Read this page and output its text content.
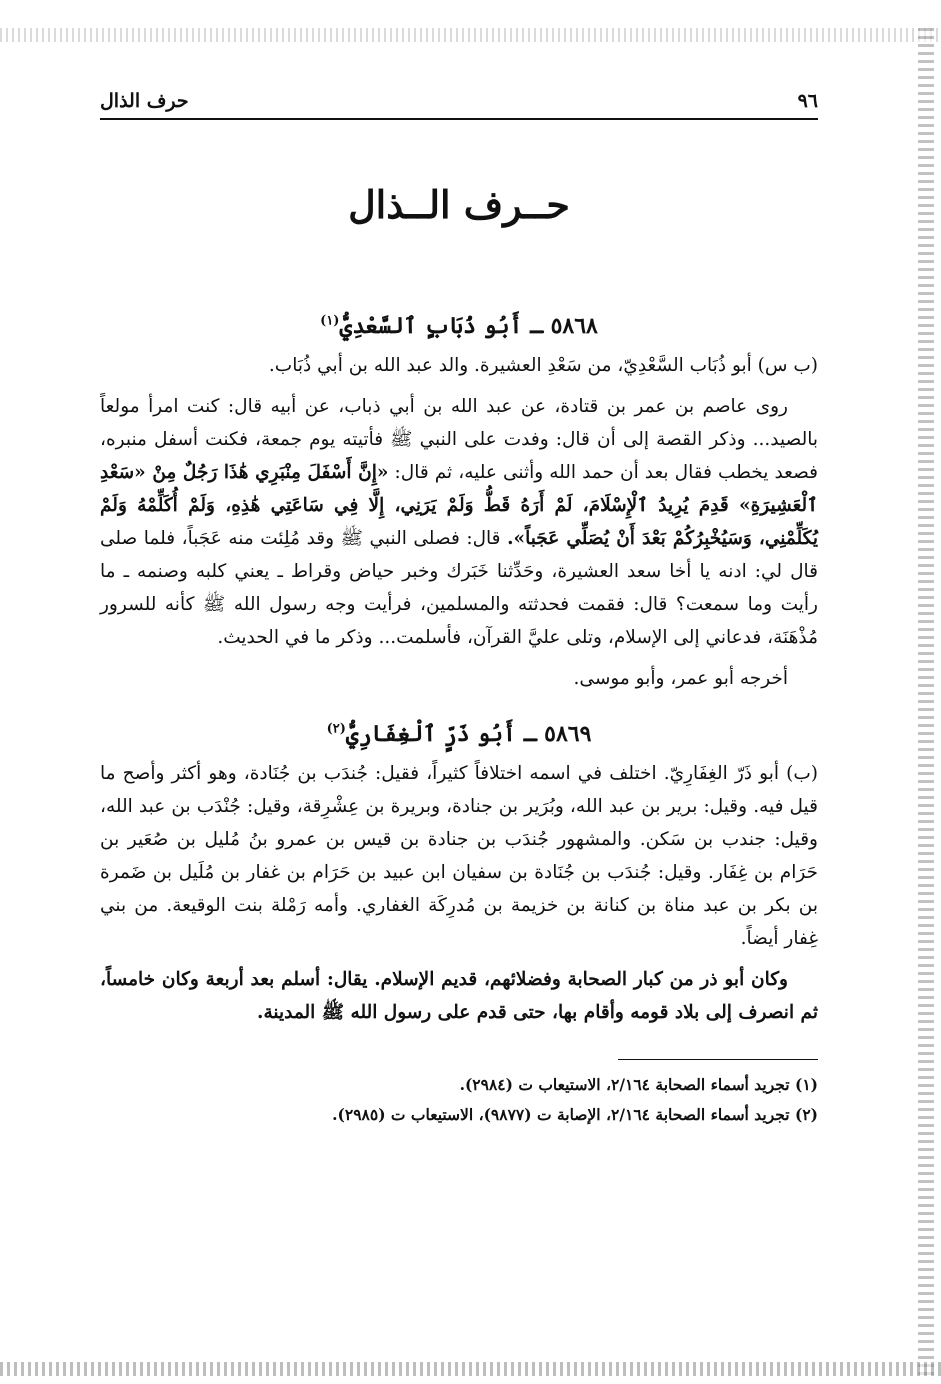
٩٦
حرف الذال
حــرف الــذال
٥٨٦٨ ـ أَبُو ذُبَابٍ ٱلسَّعْدِيُّ$^{(١)}$

(ب س) أبو ذُبَاب السَّعْدِيّ، من سَعْدِ العشيرة. والد عبد الله بن أبي ذُبَاب.

روى عاصم بن عمر بن قتادة، عن عبد الله بن أبي ذباب، عن أبيه قال: كنت امرأ مولعاً بالصيد... وذكر القصة إلى أن قال: وفدت على النبي ﷺ فأتيته يوم جمعة، فكنت أسفل منبره، فصعد يخطب فقال بعد أن حمد الله وأثنى عليه، ثم قال: «إِنَّ أَسْفَلَ مِنْبَرِي هَٰذَا رَجُلٌ مِنْ «سَعْدِ ٱلْعَشِيرَةِ» قَدِمَ يُرِيدُ ٱلْإِسْلَامَ، لَمْ أَرَهُ قَطُّ وَلَمْ يَرَنِي، إِلَّا فِي سَاعَتِي هَٰذِهِ، وَلَمْ أُكَلِّمْهُ وَلَمْ يُكَلِّمْنِي، وَسَيُخْبِرُكُمْ بَعْدَ أَنْ يُصَلِّي عَجَباً». قال: فصلى النبي ﷺ وقد مُلِئت منه عَجَباً، فلما صلى قال لي: ادنه يا أخا سعد العشيرة، وحَدِّثنا خَبَرك وخبر حياض وقراط ـ يعني كلبه وصنمه ـ ما رأيت وما سمعت؟ قال: فقمت فحدثته والمسلمين، فرأيت وجه رسول الله ﷺ كأنه للسرور مُذْهَنَة، فدعاني إلى الإسلام، وتلى عليَّ القرآن، فأسلمت... وذكر ما في الحديث.

أخرجه أبو عمر، وأبو موسى.

٥٨٦٩ ـ أَبُو ذَرٍّ ٱلْغِفَارِيُّ$^{(٢)}$

(ب) أبو ذَرّ الغِفَارِيّ. اختلف في اسمه اختلافاً كثيراً، فقيل: جُندَب بن جُنَادة، وهو أكثر وأصح ما قيل فيه. وقيل: برير بن عبد الله، وبُرَير بن جنادة، وبريرة بن عِشْرِقة، وقيل: جُنْدَب بن عبد الله، وقيل: جندب بن سَكن. والمشهور جُندَب بن جنادة بن قيس بن عمرو بنُ مُليل بن صُعَير بن حَرَام بن غِفَار. وقيل: جُندَب بن جُنَادة بن سفيان ابن عبيد بن حَرَام بن غفار بن مُلَيل بن ضَمرة بن بكر بن عبد مناة بن كنانة بن خزيمة بن مُدرِكَة الغفاري. وأمه رَمْلة بنت الوقيعة. من بني غِفار أيضاً.

وكان أبو ذر من كبار الصحابة وفضلائهم، قديم الإسلام. يقال: أسلم بعد أربعة وكان خامساً، ثم انصرف إلى بلاد قومه وأقام بها، حتى قدم على رسول الله ﷺ المدينة.

(١) تجريد أسماء الصحابة ٢/١٦٤، الاستيعاب ت (٢٩٨٤).
(٢) تجريد أسماء الصحابة ٢/١٦٤، الإصابة ت (٩٨٧٧)، الاستيعاب ت (٢٩٨٥).
